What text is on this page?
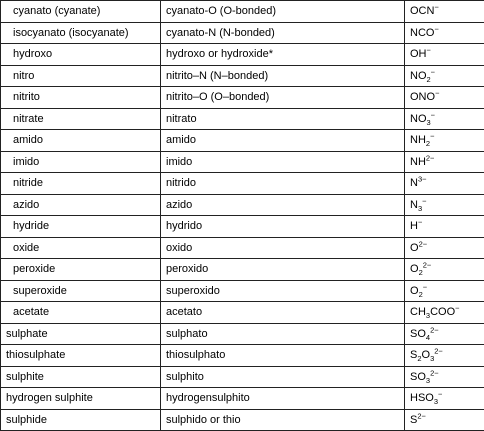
cyanato (cyanate)	cyanato-O (O-bonded)	OCN−
isocyanato (isocyanate)	cyanato-N (N-bonded)	NCO−
hydroxo	hydroxo or hydroxide*	OH−
nitro	nitrito–N (N–bonded)	$NO_2^-$
nitrito	nitrito–O (O–bonded)	ONO−
nitrate	nitrato	$NO_3^-$
amido	amido	$NH_2^-$
imido	imido	$NH^{2-}$
nitride	nitrido	$N^{3-}$
azido	azido	$N_3^-$
hydride	hydrido	H−
oxide	oxido	$O^{2-}$
peroxide	peroxido	$O_2^{2-}$
superoxide	superoxido	$O_2^-$
acetate	acetato	$CH_3COO^-$
sulphate	sulphato	$SO_4^{2-}$
thiosulphate	thiosulphato	$S_2O_3^{2-}$
sulphite	sulphito	$SO_3^{2-}$
hydrogen sulphite	hydrogensulphito	$HSO_3^-$
sulphide	sulphido or thio	$S^{2-}$
